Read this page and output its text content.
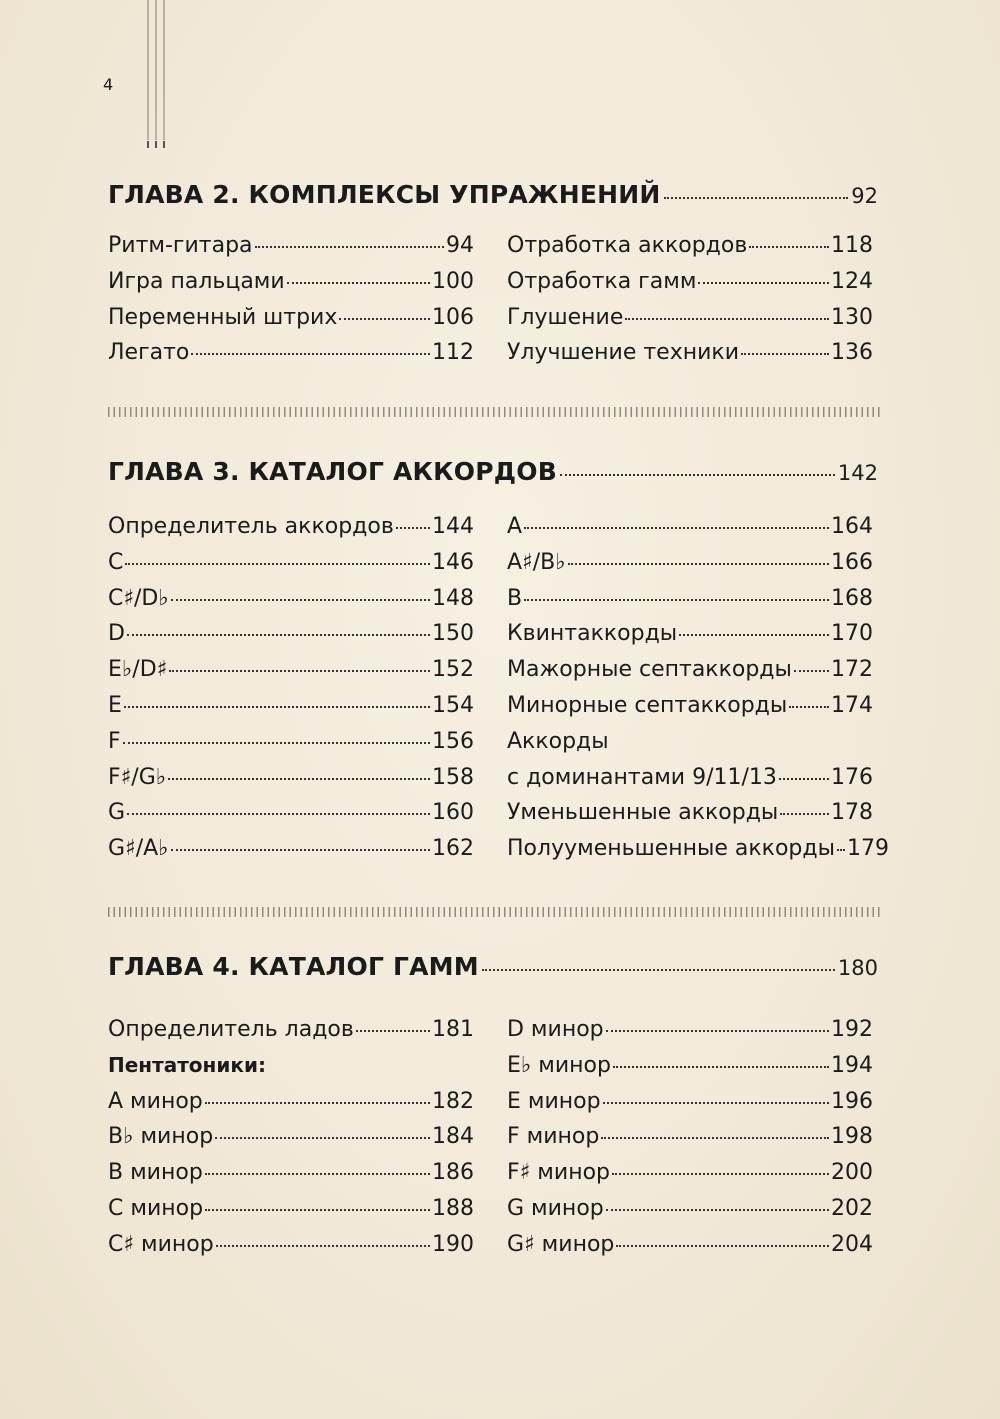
4
ГЛАВА 2. КОМПЛЕКСЫ УПРАЖНЕНИЙ	92
Ритм-гитара	94
Игра пальцами	100
Переменный штрих	106
Легато	112
Отработка аккордов	118
Отработка гамм	124
Глушение	130
Улучшение техники	136
ГЛАВА 3. КАТАЛОГ АККОРДОВ	142
Определитель аккордов 144
C	146
C♯/D♭	148
D	150
E♭/D♯	152
E	154
F	156
F♯/G♭	158
G	160
G♯/A♭	162
A	164
A♯/B♭	166
B	168
Квинтаккорды	170
Мажорные септаккорды 172
Минорные септаккорды 174
Аккорды
с доминантами 9/11/13 176
Уменьшенные аккорды 178
Полууменьшенные аккорды 179
ГЛАВА 4. КАТАЛОГ ГАММ	180
Определитель ладов	181
Пентатоники:
A минор	182
B♭ минор	184
B минор	186
C минор	188
C♯ минор	190
D минор	192
E♭ минор	194
E минор	196
F минор	198
F♯ минор	200
G минор	202
G♯ минор	204
